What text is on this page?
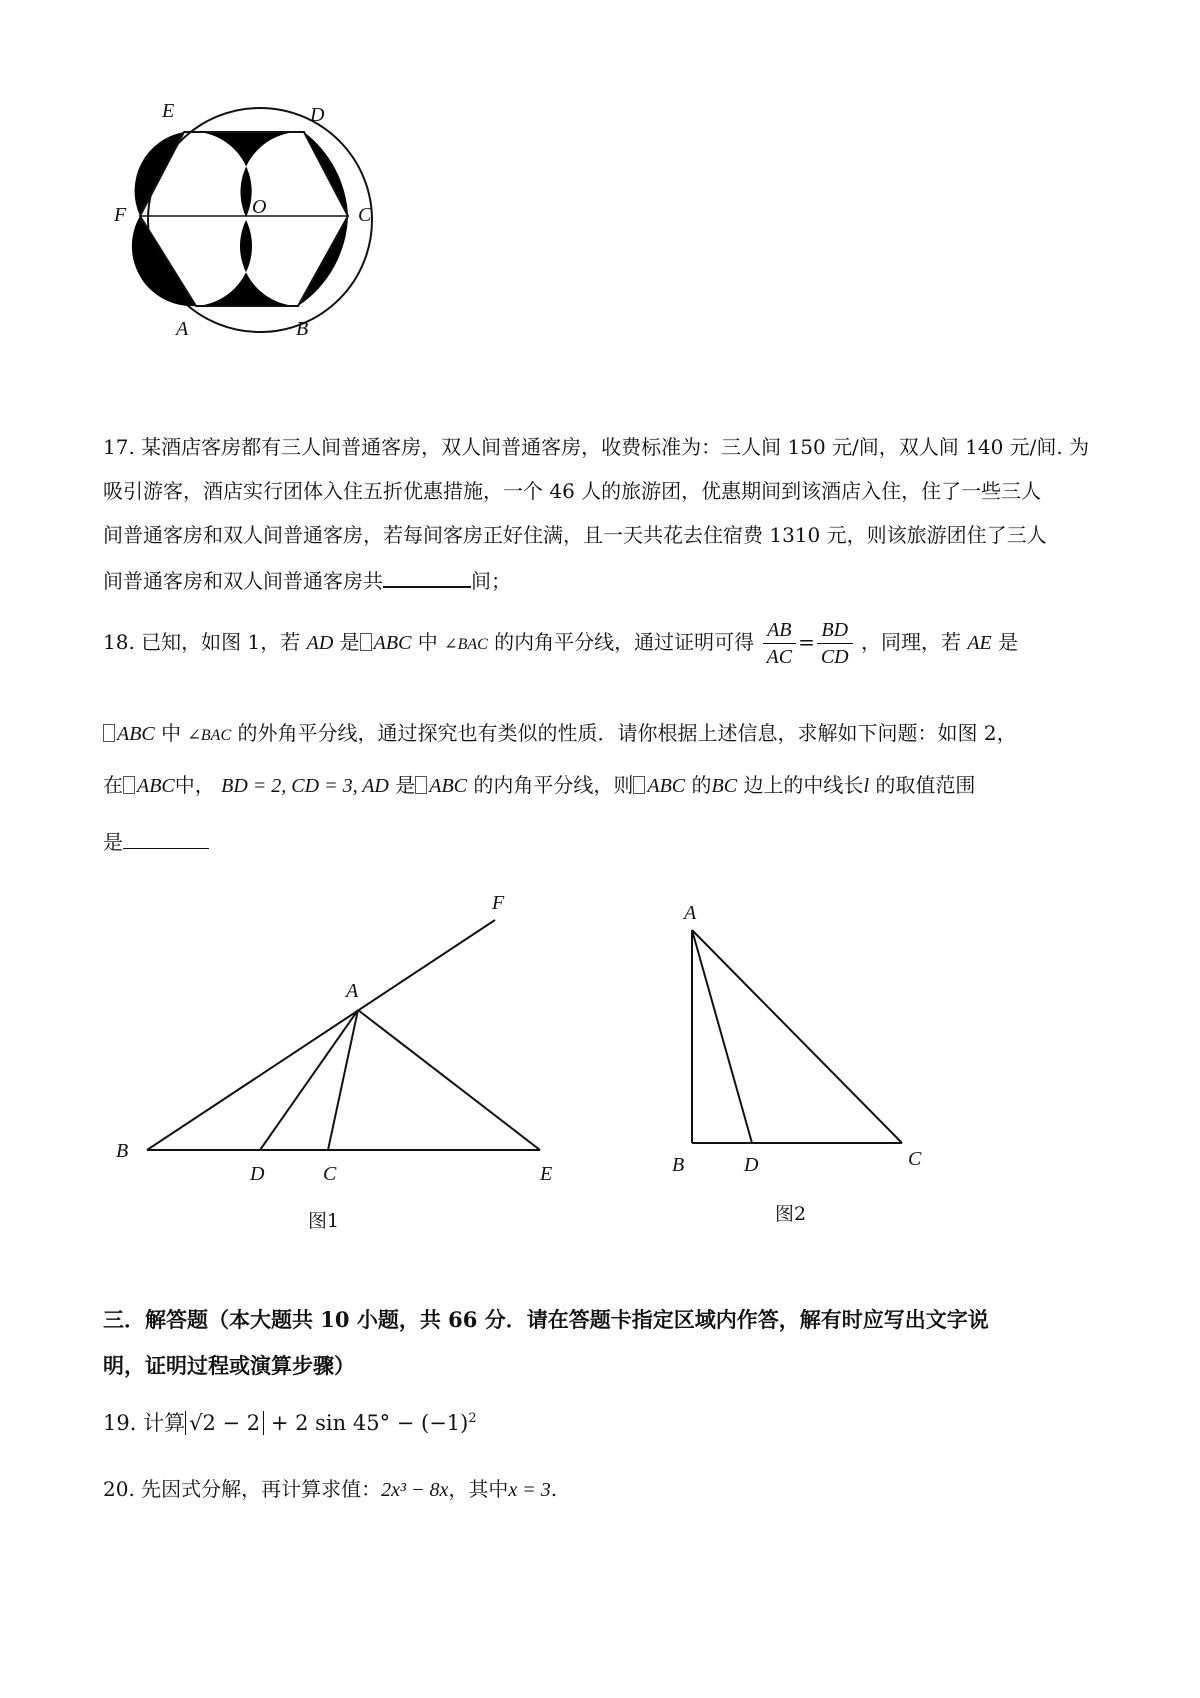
E	D
F	O	C
A	B
17. 某酒店客房都有三人间普通客房，双人间普通客房，收费标准为：三人间 150 元/间，双人间 140 元/间. 为
吸引游客，酒店实行团体入住五折优惠措施，一个 46 人的旅游团，优惠期间到该酒店入住，住了一些三人
间普通客房和双人间普通客房，若每间客房正好住满，且一天共花去住宿费 1310 元，则该旅游团住了三人
间普通客房和双人间普通客房共	间；
18. 已知，如图 1，若 AD 是 ABC 中 ∠BAC 的内角平分线，通过证明可得 $\frac{AB}{AC} = \frac{BD}{CD}$ ，同理，若 AE 是
ABC 中 ∠BAC 的外角平分线，通过探究也有类似的性质．请你根据上述信息，求解如下问题：如图 2，
在 ABC中， BD = 2, CD = 3, AD 是 ABC 的内角平分线，则 ABC 的BC 边上的中线长l 的取值范围
是
F
A
B
D	C	E
图1
A
B	D	C
图2
三．解答题（本大题共 10 小题，共 66 分．请在答题卡指定区域内作答，解有时应写出文字说
明，证明过程或演算步骤）
19. 计算 √2 − 2 + 2 $\sin 45^\circ - (-1)^2$
20. 先因式分解，再计算求值：2x³ − 8x，其中x = 3.
